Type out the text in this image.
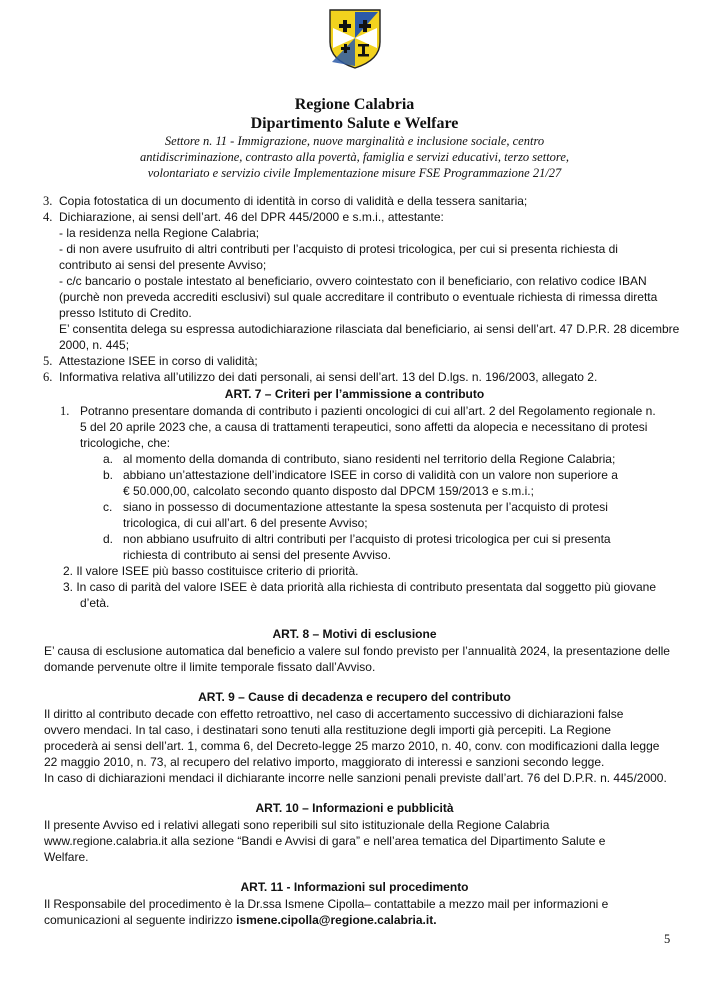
Regione Calabria
Dipartimento Salute e Welfare
Settore n. 11 - Immigrazione, nuove marginalità e inclusione sociale, centro
antidiscriminazione, contrasto alla povertà, famiglia e servizi educativi, terzo settore,
volontariato e servizio civile Implementazione misure FSE Programmazione 21/27
3. Copia fotostatica di un documento di identità in corso di validità e della tessera sanitaria;
4. Dichiarazione, ai sensi dell’art. 46 del DPR 445/2000 e s.m.i., attestante:
- la residenza nella Regione Calabria;
- di non avere usufruito di altri contributi per l’acquisto di protesi tricologica, per cui si presenta richiesta di
contributo ai sensi del presente Avviso;
- c/c bancario o postale intestato al beneficiario, ovvero cointestato con il beneficiario, con relativo codice IBAN
(purchè non preveda accrediti esclusivi) sul quale accreditare il contributo o eventuale richiesta di rimessa diretta
presso Istituto di Credito.
E’ consentita delega su espressa autodichiarazione rilasciata dal beneficiario, ai sensi dell’art. 47 D.P.R. 28 dicembre
2000, n. 445;
5. Attestazione ISEE in corso di validità;
6. Informativa relativa all’utilizzo dei dati personali, ai sensi dell’art. 13 del D.lgs. n. 196/2003, allegato 2.
ART. 7 – Criteri per l’ammissione a contributo
1. Potranno presentare domanda di contributo i pazienti oncologici di cui all’art. 2 del Regolamento regionale n.
5 del 20 aprile 2023 che, a causa di trattamenti terapeutici, sono affetti da alopecia e necessitano di protesi
tricologiche, che:
a. al momento della domanda di contributo, siano residenti nel territorio della Regione Calabria;
b. abbiano un’attestazione dell’indicatore ISEE in corso di validità con un valore non superiore a
€ 50.000,00, calcolato secondo quanto disposto dal DPCM 159/2013 e s.m.i.;
c. siano in possesso di documentazione attestante la spesa sostenuta per l’acquisto di protesi
tricologica, di cui all’art. 6 del presente Avviso;
d. non abbiano usufruito di altri contributi per l’acquisto di protesi tricologica per cui si presenta
richiesta di contributo ai sensi del presente Avviso.
2. Il valore ISEE più basso costituisce criterio di priorità.
3. In caso di parità del valore ISEE è data priorità alla richiesta di contributo presentata dal soggetto più giovane
d’età.
ART. 8 – Motivi di esclusione
E’ causa di esclusione automatica dal beneficio a valere sul fondo previsto per l’annualità 2024, la presentazione delle
domande pervenute oltre il limite temporale fissato dall’Avviso.
ART. 9 – Cause di decadenza e recupero del contributo
Il diritto al contributo decade con effetto retroattivo, nel caso di accertamento successivo di dichiarazioni false
ovvero mendaci. In tal caso, i destinatari sono tenuti alla restituzione degli importi già percepiti. La Regione
procederà ai sensi dell’art. 1, comma 6, del Decreto-legge 25 marzo 2010, n. 40, conv. con modificazioni dalla legge
22 maggio 2010, n. 73, al recupero del relativo importo, maggiorato di interessi e sanzioni secondo legge.
In caso di dichiarazioni mendaci il dichiarante incorre nelle sanzioni penali previste dall’art. 76 del D.P.R. n. 445/2000.
ART. 10 – Informazioni e pubblicità
Il presente Avviso ed i relativi allegati sono reperibili sul sito istituzionale della Regione Calabria
www.regione.calabria.it alla sezione “Bandi e Avvisi di gara” e nell’area tematica del Dipartimento Salute e
Welfare.
ART. 11 - Informazioni sul procedimento
Il Responsabile del procedimento è la Dr.ssa Ismene Cipolla– contattabile a mezzo mail per informazioni e
comunicazioni al seguente indirizzo ismene.cipolla@regione.calabria.it.
5
